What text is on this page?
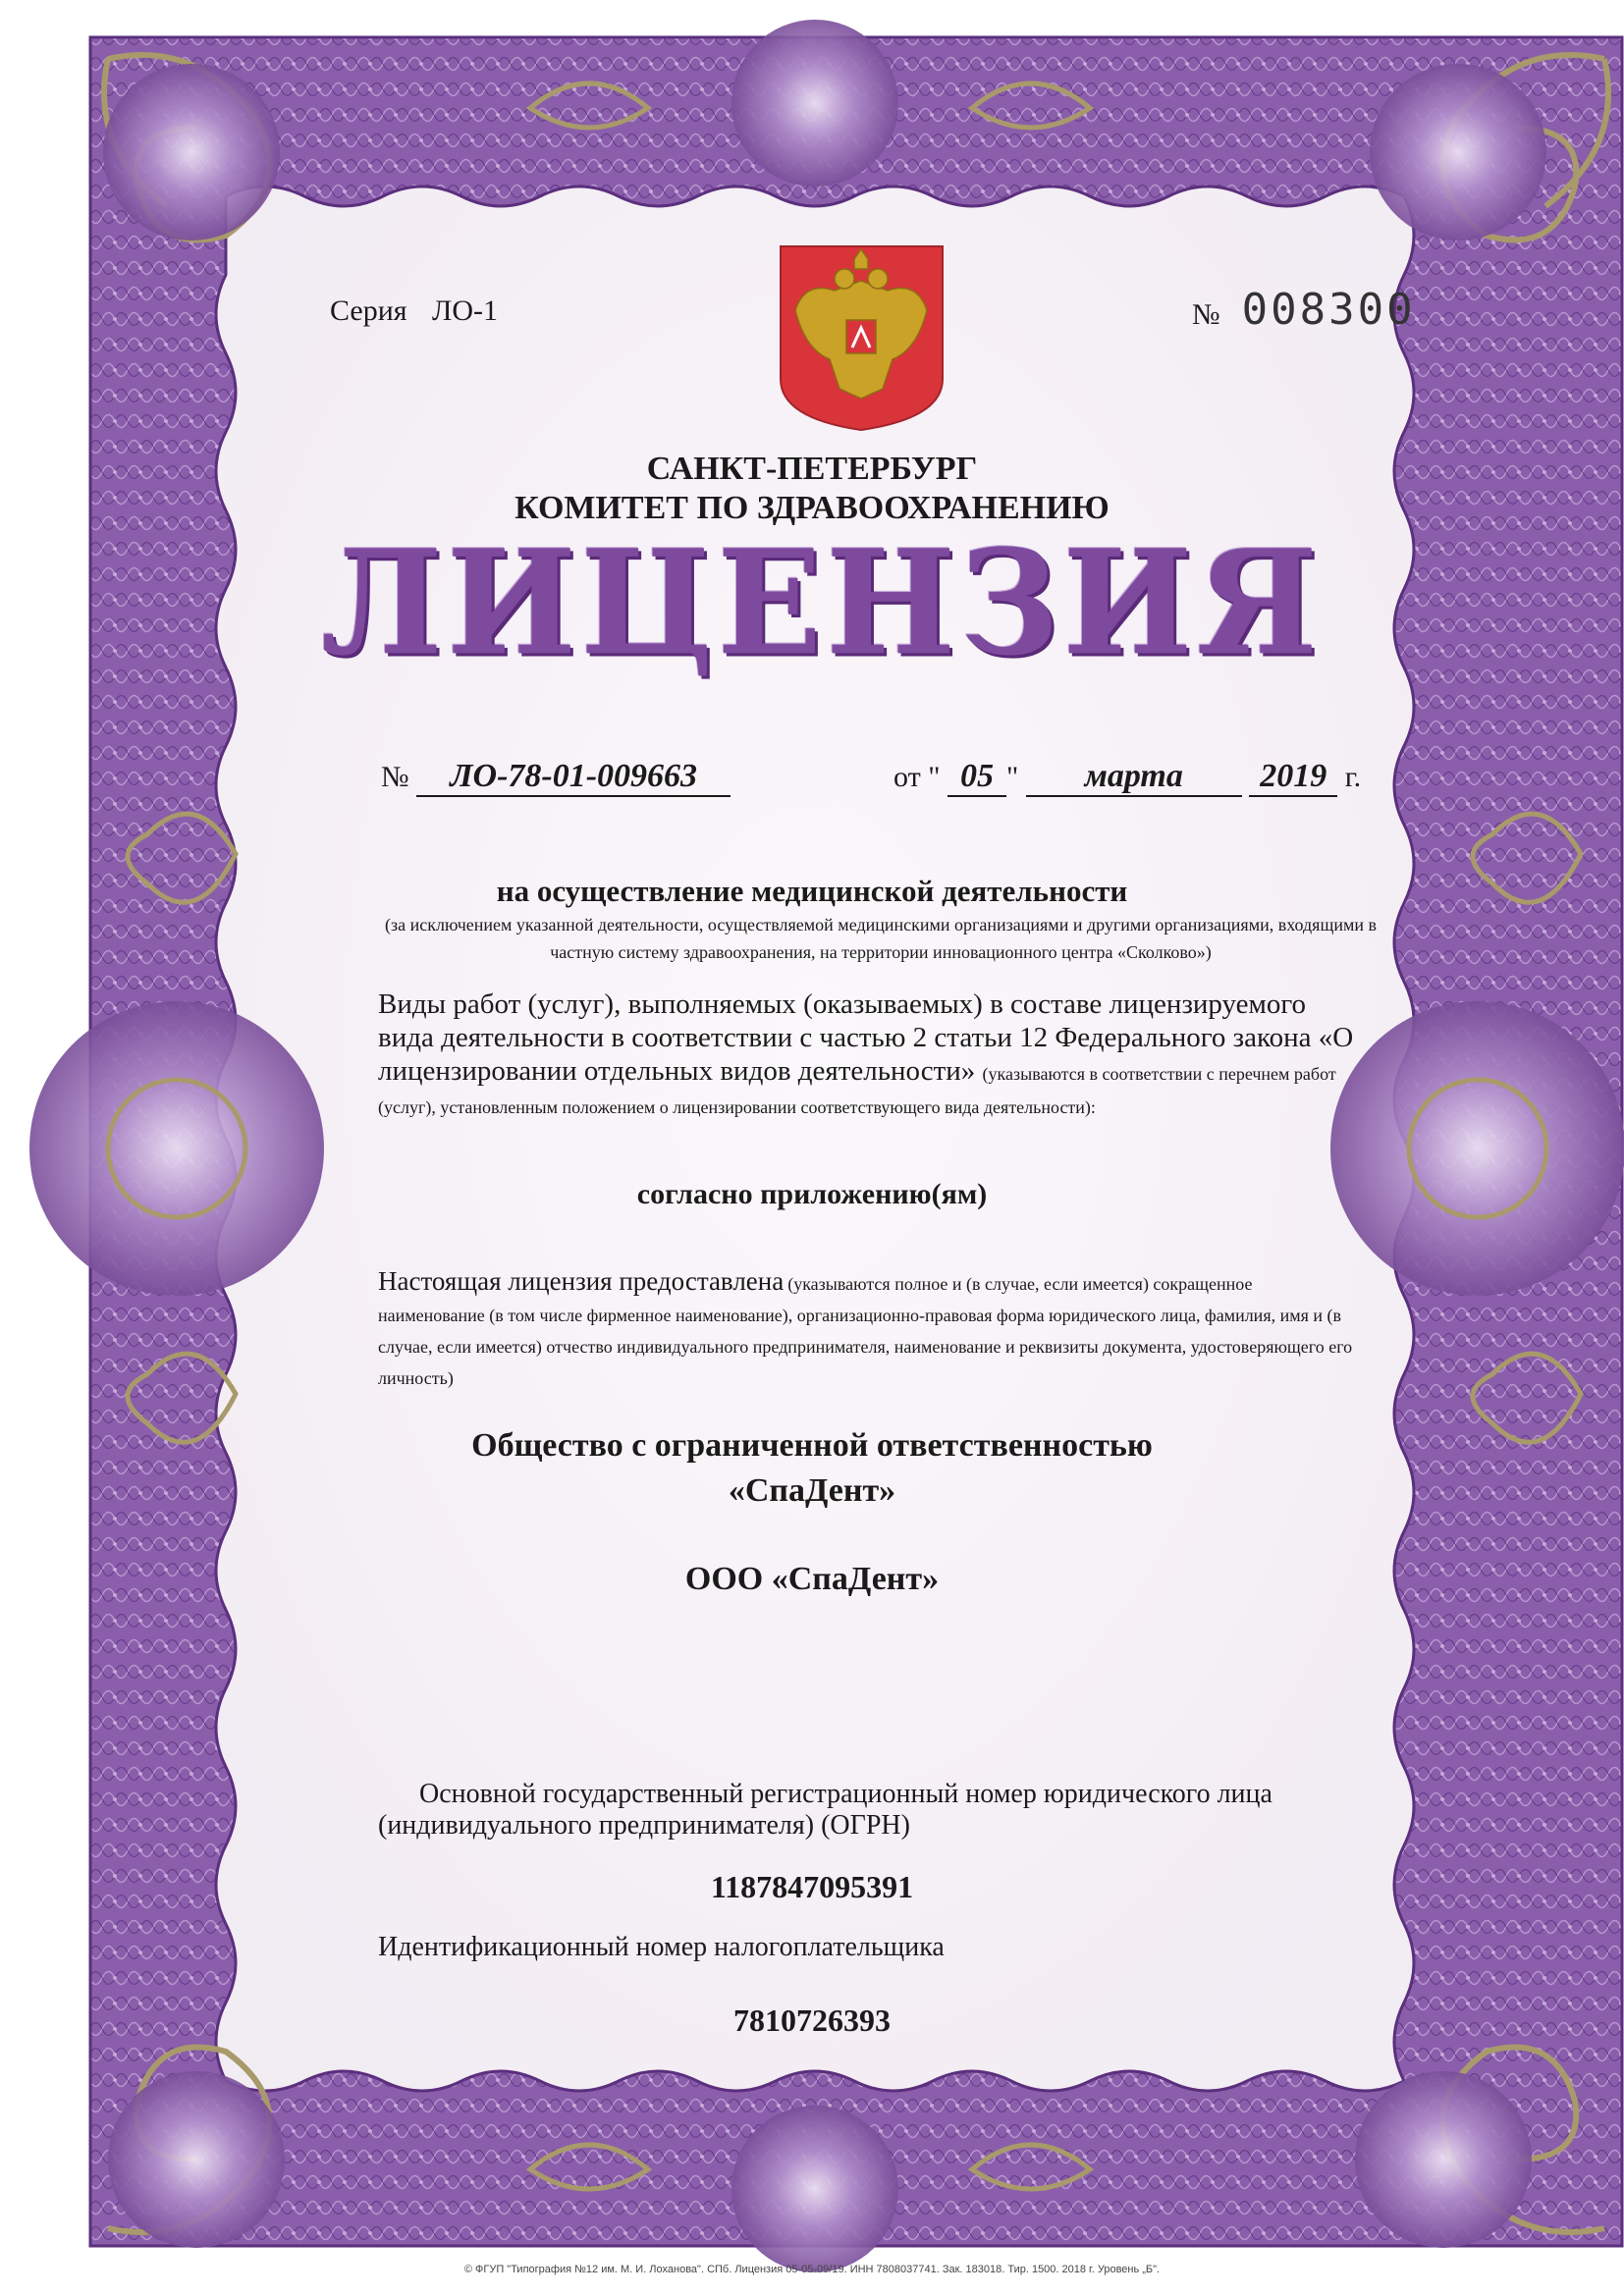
Серия ЛО-1	№ 008300
САНКТ-ПЕТЕРБУРГ
КОМИТЕТ ПО ЗДРАВООХРАНЕНИЮ
ЛИЦЕНЗИЯ
№ ЛО-78-01-009663	от " 05 " марта 2019 г.
на осуществление медицинской деятельности
(за исключением указанной деятельности, осуществляемой медицинскими организациями и другими организациями, входящими в частную систему здравоохранения, на территории инновационного центра «Сколково»)
Виды работ (услуг), выполняемых (оказываемых) в составе лицензируемого вида деятельности в соответствии с частью 2 статьи 12 Федерального закона «О лицензировании отдельных видов деятельности» (указываются в соответствии с перечнем работ (услуг), установленным положением о лицензировании соответствующего вида деятельности):
согласно приложению(ям)
Настоящая лицензия предоставлена (указываются полное и (в случае, если имеется) сокращенное наименование (в том числе фирменное наименование), организационно-правовая форма юридического лица, фамилия, имя и (в случае, если имеется) отчество индивидуального предпринимателя, наименование и реквизиты документа, удостоверяющего его личность)
Общество с ограниченной ответственностью
«СпаДент»
ООО «СпаДент»
Основной государственный регистрационный номер юридического лица (индивидуального предпринимателя) (ОГРН)
1187847095391
Идентификационный номер налогоплательщика
7810726393
© ФГУП "Типография №12 им. М. И. Лоханова". СПб. Лицензия 05-05-09/19. ИНН 7808037741. Зак. 183018. Тир. 1500. 2018 г. Уровень „Б".
